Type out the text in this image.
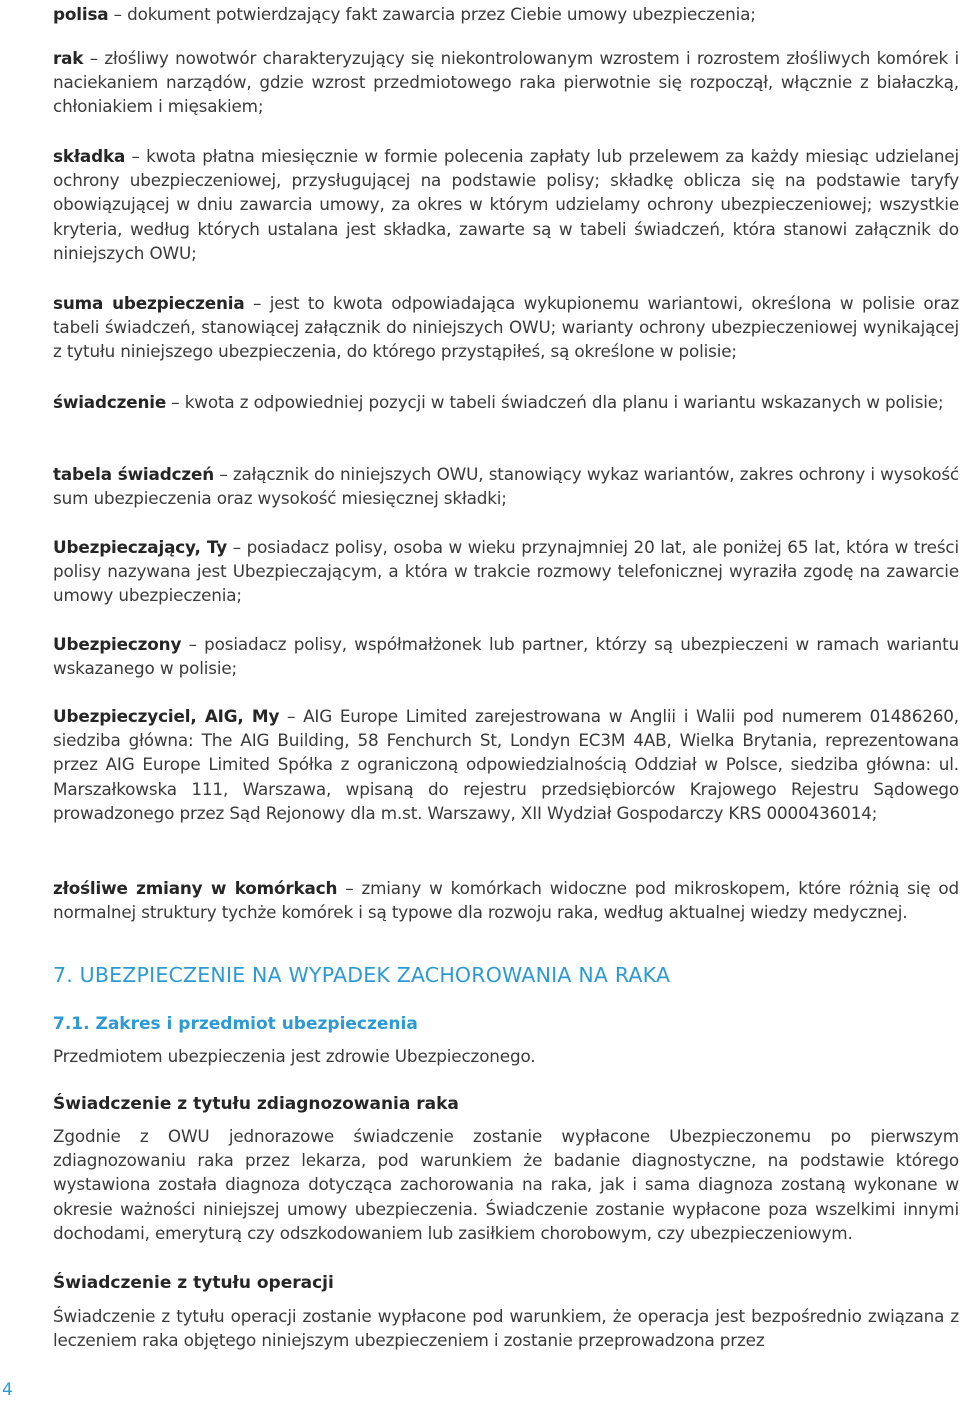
polisa – dokument potwierdzający fakt zawarcia przez Ciebie umowy ubezpieczenia;

rak – złośliwy nowotwór charakteryzujący się niekontrolowanym wzrostem i rozrostem złośliwych komórek i naciekaniem narządów, gdzie wzrost przedmiotowego raka pierwotnie się rozpoczął, włącznie z białaczką, chłoniakiem i mięsakiem;

składka – kwota płatna miesięcznie w formie polecenia zapłaty lub przelewem za każdy miesiąc udzielanej ochrony ubezpieczeniowej, przysługującej na podstawie polisy; składkę oblicza się na podstawie taryfy obowiązującej w dniu zawarcia umowy, za okres w którym udzielamy ochrony ubezpieczeniowej; wszystkie kryteria, według których ustalana jest składka, zawarte są w tabeli świadczeń, która stanowi załącznik do niniejszych OWU;

suma ubezpieczenia – jest to kwota odpowiadająca wykupionemu wariantowi, określona w polisie oraz tabeli świadczeń, stanowiącej załącznik do niniejszych OWU; warianty ochrony ubezpieczeniowej wynikającej z tytułu niniejszego ubezpieczenia, do którego przystąpiłeś, są określone w polisie;

świadczenie – kwota z odpowiedniej pozycji w tabeli świadczeń dla planu i wariantu wskazanych w polisie;

tabela świadczeń – załącznik do niniejszych OWU, stanowiący wykaz wariantów, zakres ochrony i wysokość sum ubezpieczenia oraz wysokość miesięcznej składki;

Ubezpieczający, Ty – posiadacz polisy, osoba w wieku przynajmniej 20 lat, ale poniżej 65 lat, która w treści polisy nazywana jest Ubezpieczającym, a która w trakcie rozmowy telefonicznej wyraziła zgodę na zawarcie umowy ubezpieczenia;

Ubezpieczony – posiadacz polisy, współmałżonek lub partner, którzy są ubezpieczeni w ramach wariantu wskazanego w polisie;

Ubezpieczyciel, AIG, My – AIG Europe Limited zarejestrowana w Anglii i Walii pod numerem 01486260, siedziba główna: The AIG Building, 58 Fenchurch St, Londyn EC3M 4AB, Wielka Brytania, reprezentowana przez AIG Europe Limited Spółka z ograniczoną odpowiedzialnością Oddział w Polsce, siedziba główna: ul. Marszałkowska 111, Warszawa, wpisaną do rejestru przedsiębiorców Krajowego Rejestru Sądowego prowadzonego przez Sąd Rejonowy dla m.st. Warszawy, XII Wydział Gospodarczy KRS 0000436014;

złośliwe zmiany w komórkach – zmiany w komórkach widoczne pod mikroskopem, które różnią się od normalnej struktury tychże komórek i są typowe dla rozwoju raka, według aktualnej wiedzy medycznej.

7. UBEZPIECZENIE NA WYPADEK ZACHOROWANIA NA RAKA
7.1. Zakres i przedmiot ubezpieczenia

Przedmiotem ubezpieczenia jest zdrowie Ubezpieczonego.

Świadczenie z tytułu zdiagnozowania raka

Zgodnie z OWU jednorazowe świadczenie zostanie wypłacone Ubezpieczonemu po pierwszym zdiagnozowaniu raka przez lekarza, pod warunkiem że badanie diagnostyczne, na podstawie którego wystawiona została diagnoza dotycząca zachorowania na raka, jak i sama diagnoza zostaną wykonane w okresie ważności niniejszej umowy ubezpieczenia. Świadczenie zostanie wypłacone poza wszelkimi innymi dochodami, emeryturą czy odszkodowaniem lub zasiłkiem chorobowym, czy ubezpieczeniowym.

Świadczenie z tytułu operacji

Świadczenie z tytułu operacji zostanie wypłacone pod warunkiem, że operacja jest bezpośrednio związana z leczeniem raka objętego niniejszym ubezpieczeniem i zostanie przeprowadzona przez

4
